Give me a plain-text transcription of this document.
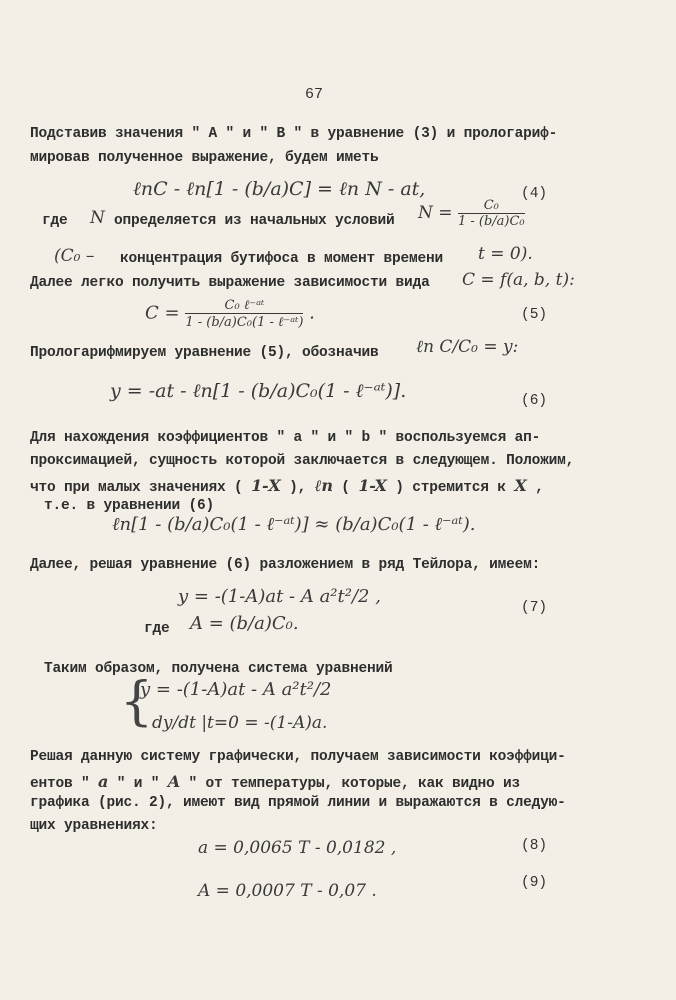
67
Подставив значения " А " и " В " в уравнение (3) и прологариф-
мировав полученное выражение, будем иметь
ℓnC - ℓn[1 - (b/a)C] = ℓn N - at,	(4)
где N определяется из начальных условий $N = \frac{\text{C₀}}{\text{1 - (b/a)C₀}}$
(C₀ – концентрация бутифоса в момент времени t = 0).
Далее легко получить выражение зависимости вида C = f(a, b, t):
$C = \frac{\text{C₀ ℓ⁻ᵃᵗ}}{\text{1 - (b/a)C₀(1 - ℓ⁻ᵃᵗ)}}$ .	(5)
Прологарифмируем уравнение (5), обозначив ℓn C/C₀ = y:
y = -at - ℓn[1 - (b/a)C₀(1 - ℓ⁻ᵃᵗ)].	(6)
Для нахождения коэффициентов " a " и " b " воспользуемся ап-
проксимацией, сущность которой заключается в следующем. Положим,
что при малых значениях ( 1-X ), ℓn ( 1-X ) стремится к X ,
т.е. в уравнении (6)
ℓn[1 - (b/a)C₀(1 - ℓ⁻ᵃᵗ)] ≈ (b/a)C₀(1 - ℓ⁻ᵃᵗ).
Далее, решая уравнение (6) разложением в ряд Тейлора, имеем:
y = -(1-A)at - A a²t²/2 ,
(7)
где A = (b/a)C₀.
Таким образом, получена система уравнений
{
y = -(1-A)at - A a²t²/2
dy/dt |t=0 = -(1-A)a.
Решая данную систему графически, получаем зависимости коэффици-
ентов " a " и " A " от температуры, которые, как видно из
графика (рис. 2), имеют вид прямой линии и выражаются в следую-
щих уравнениях:
a = 0,0065 T - 0,0182 ,	(8)
A = 0,0007 T - 0,07 .	(9)
